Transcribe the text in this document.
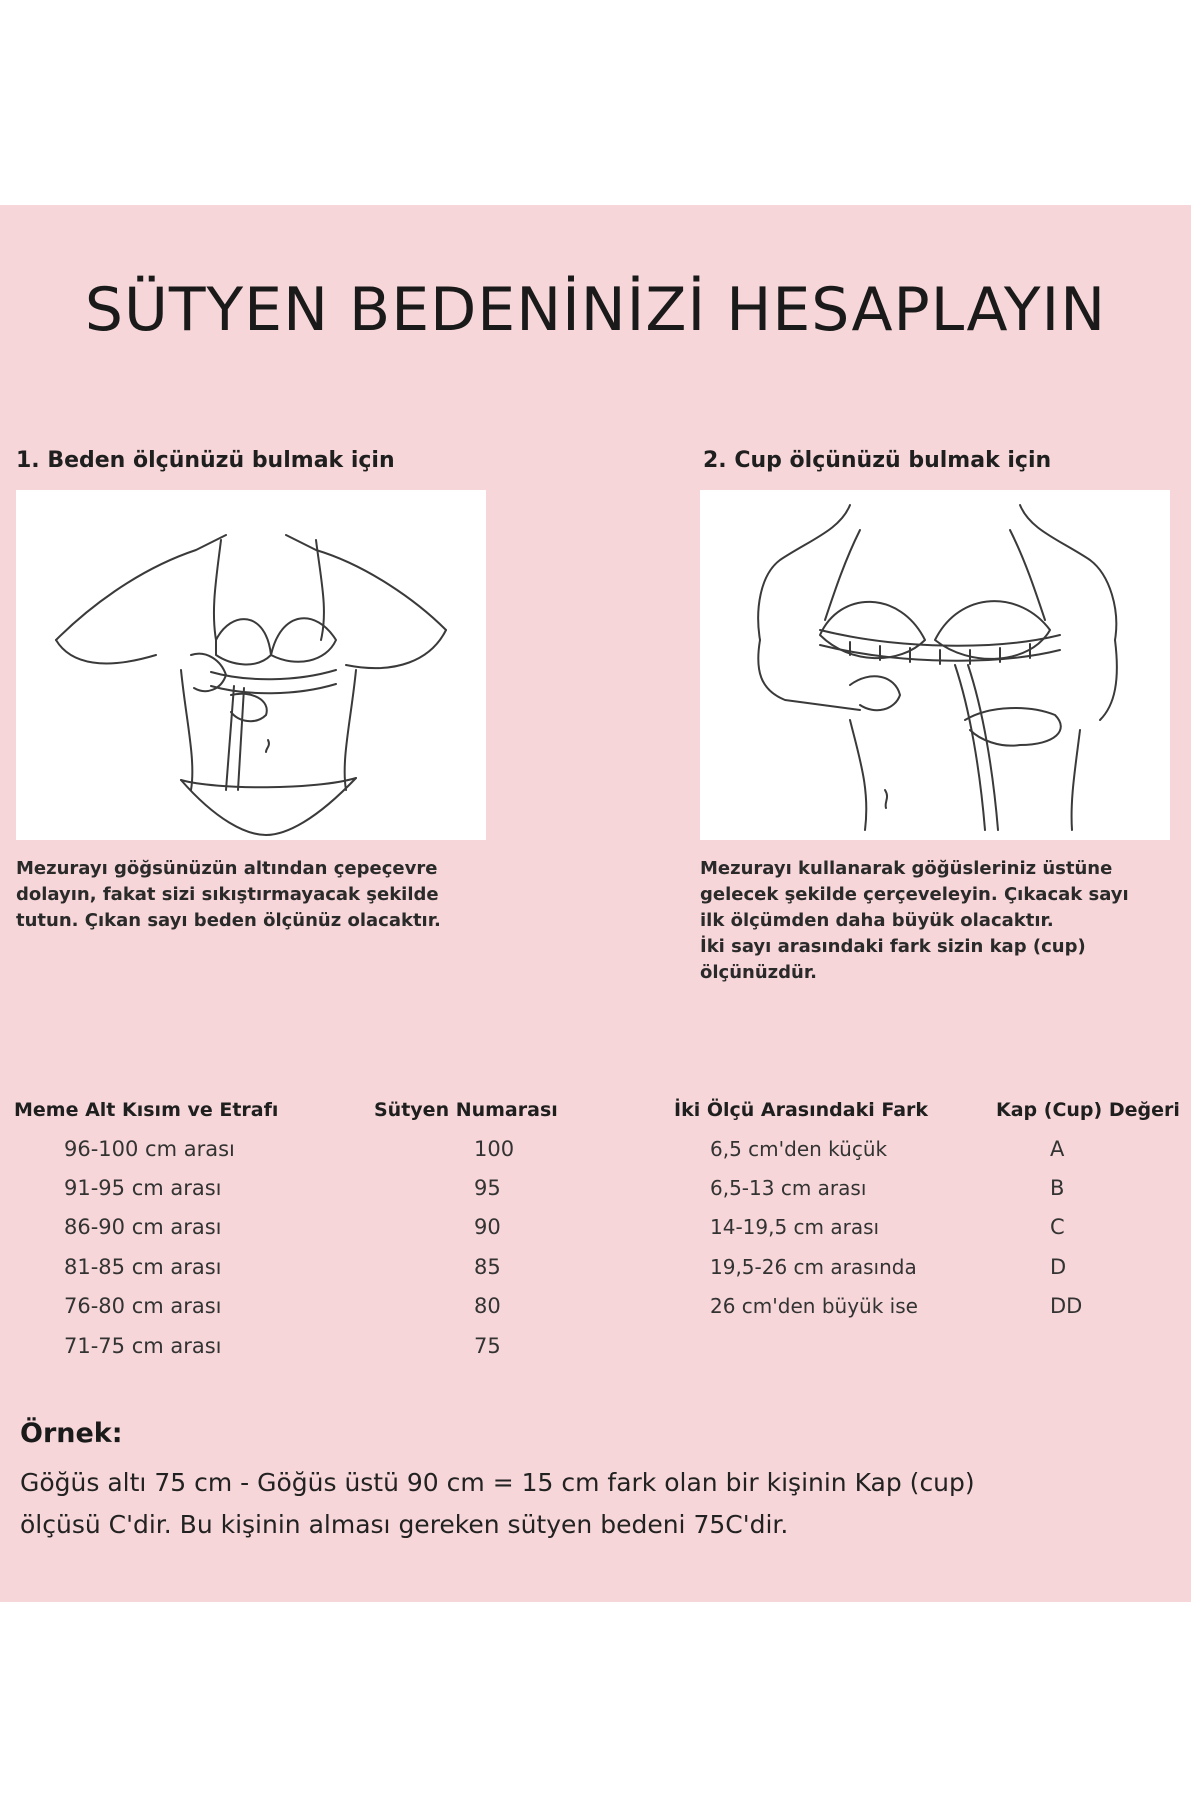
SÜTYEN BEDENİNİZİ HESAPLAYIN
1. Beden ölçünüzü bulmak için

Mezurayı göğsünüzün altından çepeçevre
dolayın, fakat sizi sıkıştırmayacak şekilde
tutun. Çıkan sayı beden ölçünüz olacaktır.

2. Cup ölçünüzü bulmak için

Mezurayı kullanarak göğüsleriniz üstüne
gelecek şekilde çerçeveleyin. Çıkacak sayı
ilk ölçümden daha büyük olacaktır.
İki sayı arasındaki fark sizin kap (cup)
ölçünüzdür.

Meme Alt Kısım ve Etrafı	Sütyen Numarası
96-100 cm arası	100
91-95 cm arası	95
86-90 cm arası	90
81-85 cm arası	85
76-80 cm arası	80
71-75 cm arası	75
İki Ölçü Arasındaki Fark	Kap (Cup) Değeri
6,5 cm'den küçük	A
6,5-13 cm arası	B
14-19,5 cm arası	C
19,5-26 cm arasında	D
26 cm'den büyük ise	DD
Örnek:
Göğüs altı 75 cm - Göğüs üstü 90 cm = 15 cm fark olan bir kişinin Kap (cup)
ölçüsü C'dir. Bu kişinin alması gereken sütyen bedeni 75C'dir.
